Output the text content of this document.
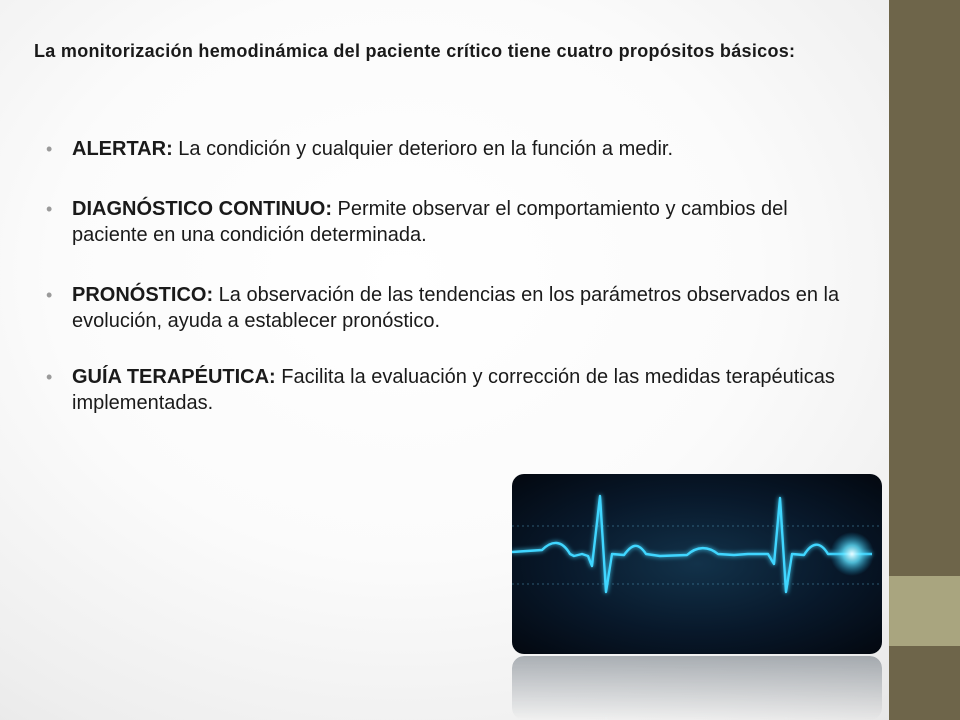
La monitorización hemodinámica del paciente crítico tiene cuatro propósitos básicos:
• ALERTAR: La condición y cualquier deterioro en la función a medir.
• DIAGNÓSTICO CONTINUO: Permite observar el comportamiento y cambios del paciente en una condición determinada.
• PRONÓSTICO: La observación de las tendencias en los parámetros observados en la evolución, ayuda a establecer pronóstico.
• GUÍA TERAPÉUTICA: Facilita la evaluación y corrección de las medidas terapéuticas implementadas.
